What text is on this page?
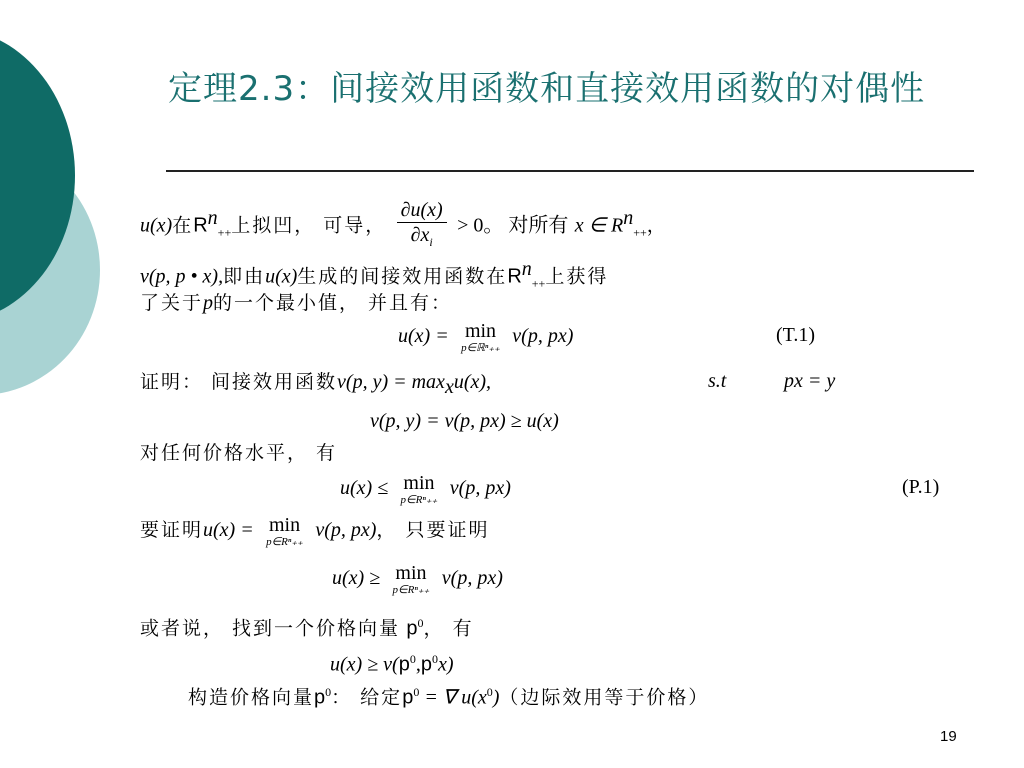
定理2.3：间接效用函数和直接效用函数的对偶性
u(x)在$R^n_{++}$上拟凹， 可导， $\frac{\partial u(x)}{\partial x_i} > 0$。 对所有 x ∈ $R^n_{++}$，
v(p, p • x),即由u(x)生成的间接效用函数在$R^n_{++}$上获得
了关于p的一个最小值， 并且有：
u(x) = min
p∈ℝⁿ₊₊
v(p, px)	(T.1)
证明： 间接效用函数v(p, $y) = \max_xu(x)$,	s.t	px = y
v(p, y) = v(p, px) ≥ u(x)
对任何价格水平， 有
u(x) ≤ min
p∈Rⁿ₊₊
v(p, px)	(P.1)
要证明u(x) = min
p∈Rⁿ₊₊
v(p, px)， 只要证明
u(x) ≥ min
p∈Rⁿ₊₊
v(p, px)
或者说， 找到一个价格向量 $p^0$， 有
$u(x) \ge v(p^0,p^0x)$
构造价格向量$p^0$： 给定$p^0$ = ∇ $u(x^0)$（边际效用等于价格）
19
